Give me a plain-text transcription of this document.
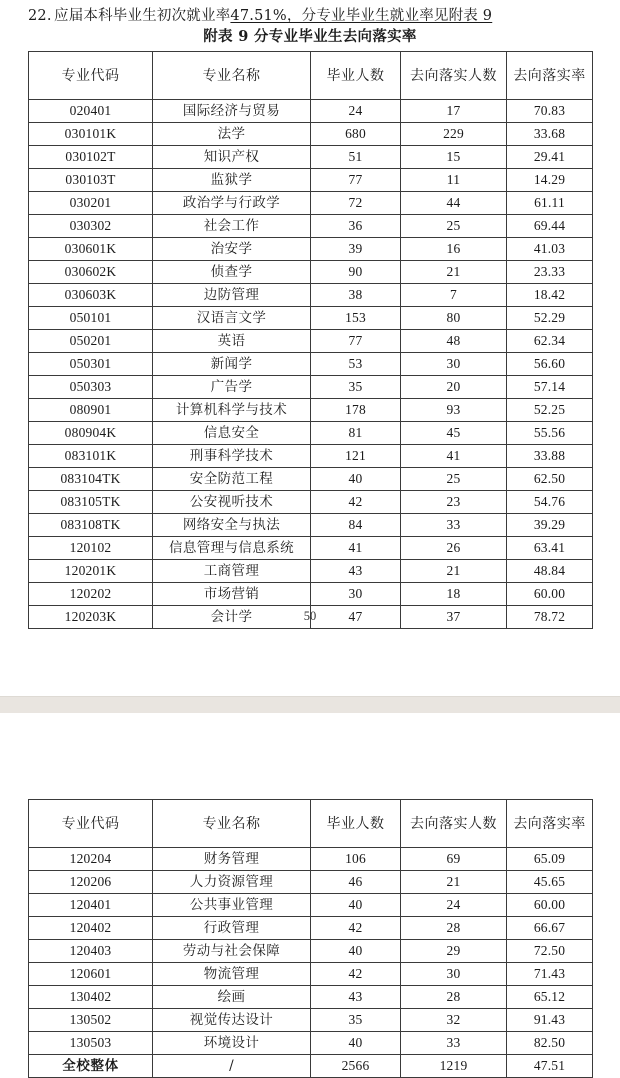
22. 应届本科毕业生初次就业率47.51%，分专业毕业生就业率见附表 9
附表 9 分专业毕业生去向落实率
专业代码	专业名称	毕业人数	去向落实人数	去向落实率
020401	国际经济与贸易	24	17	70.83
030101K	法学	680	229	33.68
030102T	知识产权	51	15	29.41
030103T	监狱学	77	11	14.29
030201	政治学与行政学	72	44	61.11
030302	社会工作	36	25	69.44
030601K	治安学	39	16	41.03
030602K	侦查学	90	21	23.33
030603K	边防管理	38	7	18.42
050101	汉语言文学	153	80	52.29
050201	英语	77	48	62.34
050301	新闻学	53	30	56.60
050303	广告学	35	20	57.14
080901	计算机科学与技术	178	93	52.25
080904K	信息安全	81	45	55.56
083101K	刑事科学技术	121	41	33.88
083104TK	安全防范工程	40	25	62.50
083105TK	公安视听技术	42	23	54.76
083108TK	网络安全与执法	84	33	39.29
120102	信息管理与信息系统	41	26	63.41
120201K	工商管理	43	21	48.84
120202	市场营销	30	18	60.00
120203K	会计学	47	37	78.72
50
专业代码	专业名称	毕业人数	去向落实人数	去向落实率
120204	财务管理	106	69	65.09
120206	人力资源管理	46	21	45.65
120401	公共事业管理	40	24	60.00
120402	行政管理	42	28	66.67
120403	劳动与社会保障	40	29	72.50
120601	物流管理	42	30	71.43
130402	绘画	43	28	65.12
130502	视觉传达设计	35	32	91.43
130503	环境设计	40	33	82.50
全校整体	/	2566	1219	47.51
